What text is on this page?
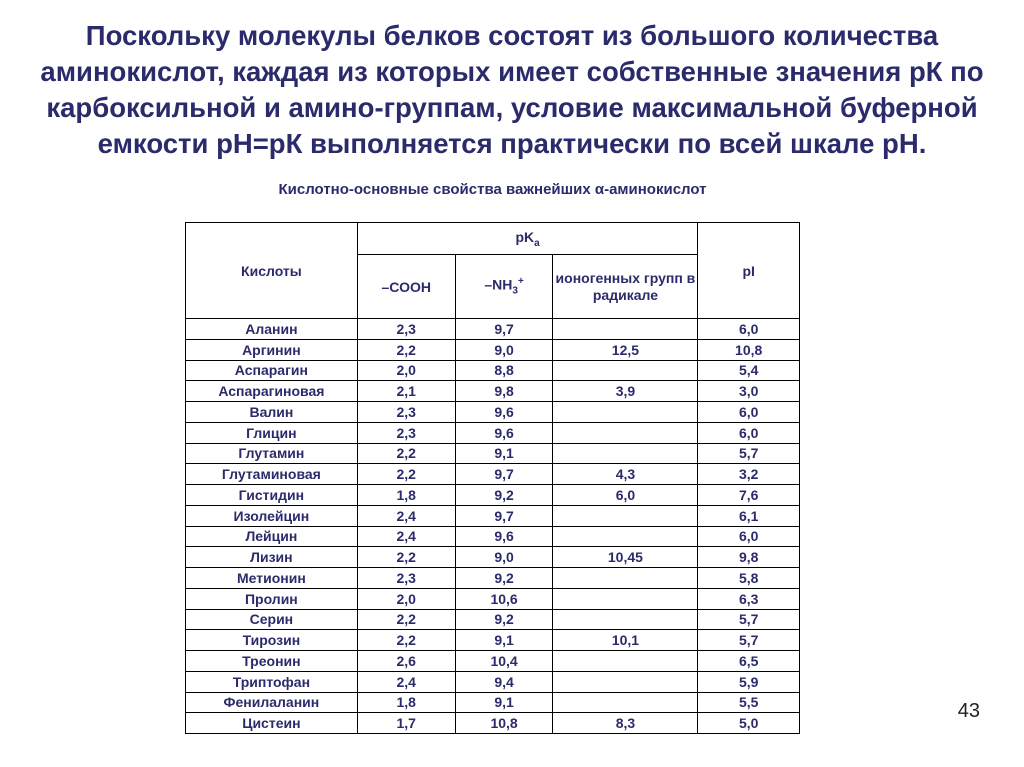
Поскольку молекулы белков состоят из большого количества аминокислот, каждая из которых имеет собственные значения рК по карбоксильной и амино-группам, условие максимальной буферной емкости рН=рК выполняется практически по всей шкале рН.

Кислотно-основные свойства важнейших α-аминокислот
Кислоты	$рK_a$			pI
	–СООН	$-NH_3^+$	ионогенных групп в радикале	
Аланин	2,3	9,7		6,0
Аргинин	2,2	9,0	12,5	10,8
Аспарагин	2,0	8,8		5,4
Аспарагиновая	2,1	9,8	3,9	3,0
Валин	2,3	9,6		6,0
Глицин	2,3	9,6		6,0
Глутамин	2,2	9,1		5,7
Глутаминовая	2,2	9,7	4,3	3,2
Гистидин	1,8	9,2	6,0	7,6
Изолейцин	2,4	9,7		6,1
Лейцин	2,4	9,6		6,0
Лизин	2,2	9,0	10,45	9,8
Метионин	2,3	9,2		5,8
Пролин	2,0	10,6		6,3
Серин	2,2	9,2		5,7
Тирозин	2,2	9,1	10,1	5,7
Треонин	2,6	10,4		6,5
Триптофан	2,4	9,4		5,9
Фенилаланин	1,8	9,1		5,5
Цистеин	1,7	10,8	8,3	5,0
43
